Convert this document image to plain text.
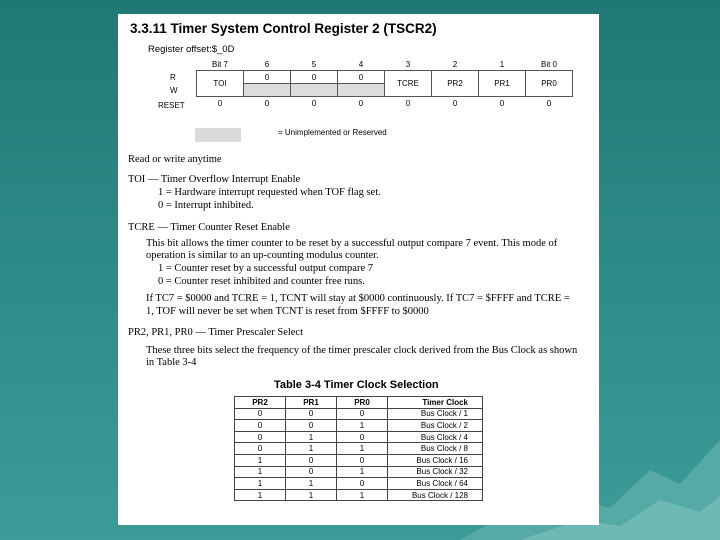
3.3.11 Timer System Control Register 2 (TSCR2)
Register offset:$_0D
R
W
RESET
Bit 7	6	5	4	3	2	1	Bit 0
TOI	0	0	0	TCRE	PR2	PR1	PR0

0	0	0	0	0	0	0	0
= Unimplemented or Reserved
Read or write anytime
TOI — Timer Overflow Interrupt Enable
1 = Hardware interrupt requested when TOF flag set.
0 = Interrupt inhibited.
TCRE — Timer Counter Reset Enable
This bit allows the timer counter to be reset by a successful output compare 7 event. This mode of
operation is similar to an up-counting modulus counter.
1 = Counter reset by a successful output compare 7
0 = Counter reset inhibited and counter free runs.
If TC7 = $0000 and TCRE = 1, TCNT will stay at $0000 continuously. If TC7 = $FFFF and TCRE =
1, TOF will never be set when TCNT is reset from $FFFF to $0000
PR2, PR1, PR0 — Timer Prescaler Select
These three bits select the frequency of the timer prescaler clock derived from the Bus Clock as shown
in Table 3-4
Table 3-4 Timer Clock Selection
PR2	PR1	PR0	Timer Clock
0	0	0	Bus Clock / 1
0	0	1	Bus Clock / 2
0	1	0	Bus Clock / 4
0	1	1	Bus Clock / 8
1	0	0	Bus Clock / 16
1	0	1	Bus Clock / 32
1	1	0	Bus Clock / 64
1	1	1	Bus Clock / 128
